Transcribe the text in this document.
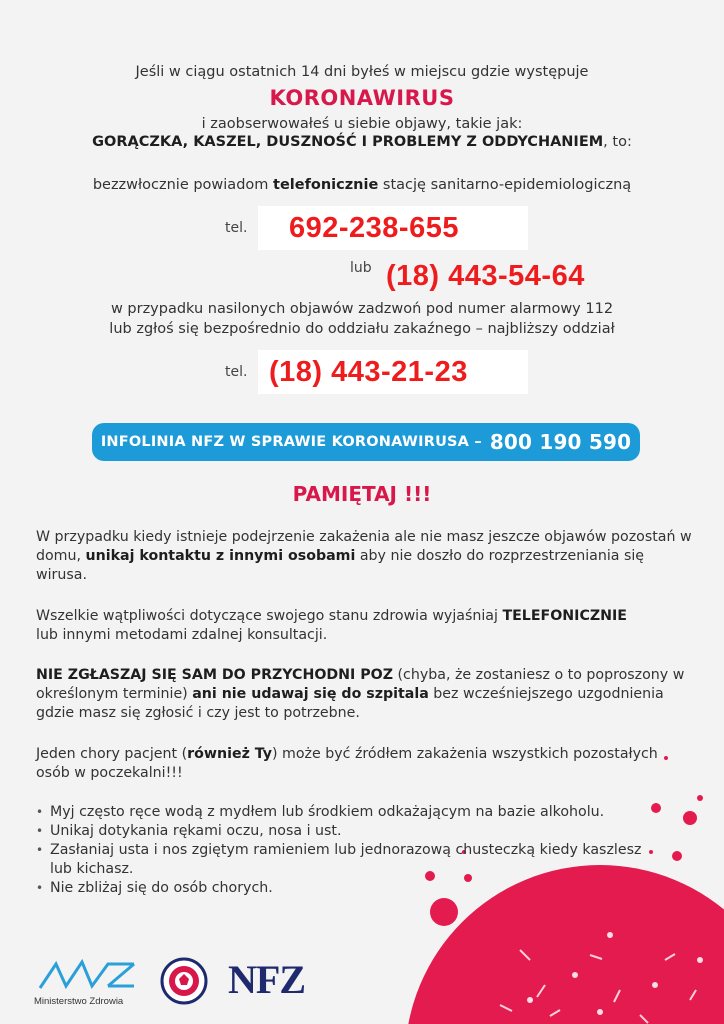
Jeśli w ciągu ostatnich 14 dni byłeś w miejscu gdzie występuje
KORONAWIRUS
i zaobserwowałeś u siebie objawy, takie jak:
GORĄCZKA, KASZEL, DUSZNOŚĆ I PROBLEMY Z ODDYCHANIEM, to:
bezzwłocznie powiadom telefonicznie stację sanitarno-epidemiologiczną
tel. 692-238-655
lub (18) 443-54-64
w przypadku nasilonych objawów zadzwoń pod numer alarmowy 112
lub zgłoś się bezpośrednio do oddziału zakaźnego – najbliższy oddział
tel. (18) 443-21-23
INFOLINIA NFZ W SPRAWIE KORONAWIRUSA – 800 190 590
PAMIĘTAJ !!!
W przypadku kiedy istnieje podejrzenie zakażenia ale nie masz jeszcze objawów pozostań w domu, unikaj kontaktu z innymi osobami aby nie doszło do rozprzestrzeniania się wirusa.
Wszelkie wątpliwości dotyczące swojego stanu zdrowia wyjaśniaj TELEFONICZNIE lub innymi metodami zdalnej konsultacji.
NIE ZGŁASZAJ SIĘ SAM DO PRZYCHODNI POZ (chyba, że zostaniesz o to poproszony w określonym terminie) ani nie udawaj się do szpitala bez wcześniejszego uzgodnienia gdzie masz się zgłosić i czy jest to potrzebne.
Jeden chory pacjent (również Ty) może być źródłem zakażenia wszystkich pozostałych osób w poczekalni!!!
• Myj często ręce wodą z mydłem lub środkiem odkażającym na bazie alkoholu.
• Unikaj dotykania rękami oczu, nosa i ust.
• Zasłaniaj usta i nos zgiętym ramieniem lub jednorazową chusteczką kiedy kaszlesz lub kichasz.
• Nie zbliżaj się do osób chorych.
Ministerstwo Zdrowia	NFZ
